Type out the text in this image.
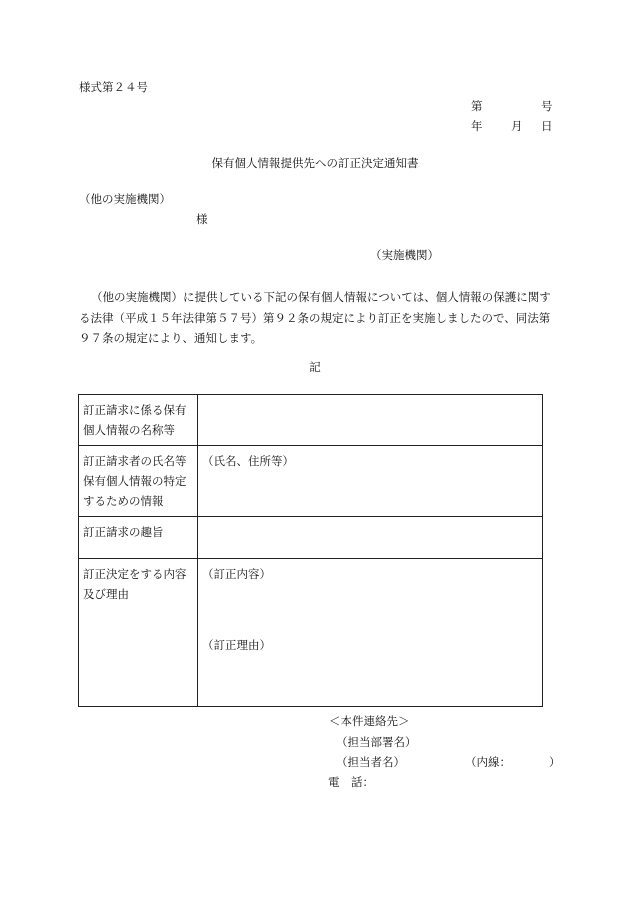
様式第２４号
第	号
年 月 日
保有個人情報提供先への訂正決定通知書
（他の実施機関）
様
（実施機関）
（他の実施機関）に提供している下記の保有個人情報については、個人情報の保護に関する法律（平成１５年法律第５７号）第９２条の規定により訂正を実施しましたので、同法第９７条の規定により、通知します。
記
訂正請求に係る保有個人情報の名称等	
訂正請求者の氏名等保有個人情報の特定するための情報	（氏名、住所等）
訂正請求の趣旨	
訂正決定をする内容及び理由	（訂正内容）
（訂正理由）
＜本件連絡先＞
（担当部署名）
（担当者名）	（内線：	）
電　話：
